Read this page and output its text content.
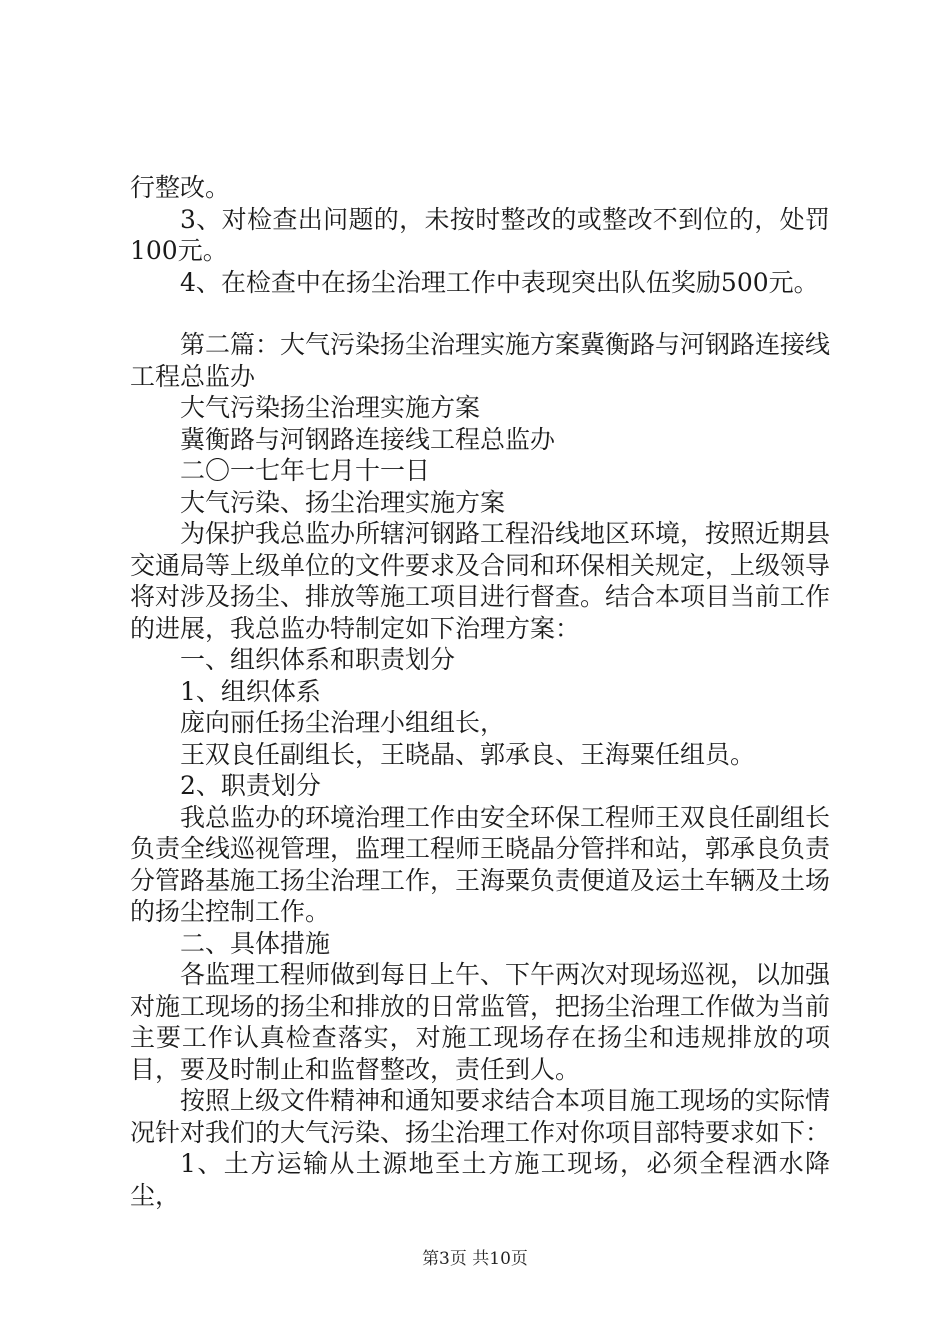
行整改。

3、对检查出问题的，未按时整改的或整改不到位的，处罚100元。

4、在检查中在扬尘治理工作中表现突出队伍奖励500元。

第二篇：大气污染扬尘治理实施方案冀衡路与河钢路连接线工程总监办

大气污染扬尘治理实施方案

冀衡路与河钢路连接线工程总监办

二〇一七年七月十一日

大气污染、扬尘治理实施方案

为保护我总监办所辖河钢路工程沿线地区环境，按照近期县交通局等上级单位的文件要求及合同和环保相关规定，上级领导将对涉及扬尘、排放等施工项目进行督查。结合本项目当前工作的进展，我总监办特制定如下治理方案：

一、组织体系和职责划分

1、组织体系

庞向丽任扬尘治理小组组长，

王双良任副组长，王晓晶、郭承良、王海粟任组员。

2、职责划分

我总监办的环境治理工作由安全环保工程师王双良任副组长负责全线巡视管理，监理工程师王晓晶分管拌和站，郭承良负责分管路基施工扬尘治理工作，王海粟负责便道及运土车辆及土场的扬尘控制工作。

二、具体措施

各监理工程师做到每日上午、下午两次对现场巡视，以加强对施工现场的扬尘和排放的日常监管，把扬尘治理工作做为当前主要工作认真检查落实，对施工现场存在扬尘和违规排放的项目，要及时制止和监督整改，责任到人。

按照上级文件精神和通知要求结合本项目施工现场的实际情况针对我们的大气污染、扬尘治理工作对你项目部特要求如下：

1、土方运输从土源地至土方施工现场，必须全程洒水降尘，

第3页 共10页
